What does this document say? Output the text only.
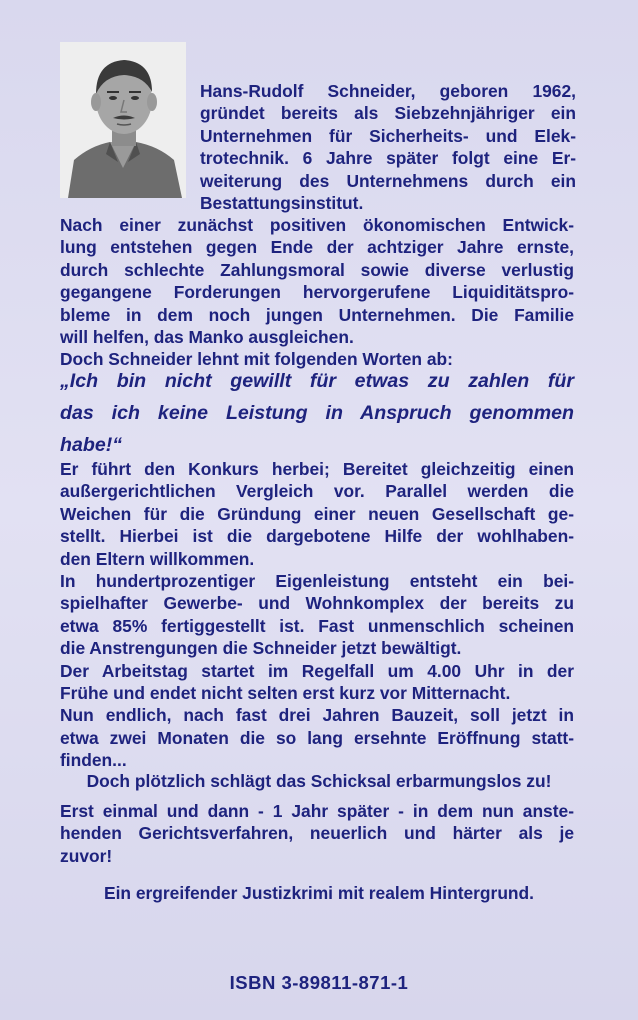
Hans-Rudolf Schneider, geboren 1962,
gründet bereits als Siebzehnjähriger ein
Unternehmen für Sicherheits- und Elek-
trotechnik. 6 Jahre später folgt eine Er-
weiterung des Unternehmens durch ein
Bestattungsinstitut.
Nach einer zunächst positiven ökonomischen Entwick-
lung entstehen gegen Ende der achtziger Jahre ernste,
durch schlechte Zahlungsmoral sowie diverse verlustig
gegangene Forderungen hervorgerufene Liquiditätspro-
bleme in dem noch jungen Unternehmen. Die Familie
will helfen, das Manko ausgleichen.
Doch Schneider lehnt mit folgenden Worten ab:
„Ich bin nicht gewillt für etwas zu zahlen für
das ich keine Leistung in Anspruch genommen
habe!“
Er führt den Konkurs herbei; Bereitet gleichzeitig einen
außergerichtlichen Vergleich vor. Parallel werden die
Weichen für die Gründung einer neuen Gesellschaft ge-
stellt. Hierbei ist die dargebotene Hilfe der wohlhaben-
den Eltern willkommen.
In hundertprozentiger Eigenleistung entsteht ein bei-
spielhafter Gewerbe- und Wohnkomplex der bereits zu
etwa 85% fertiggestellt ist. Fast unmenschlich scheinen
die Anstrengungen die Schneider jetzt bewältigt.
Der Arbeitstag startet im Regelfall um 4.00 Uhr in der
Frühe und endet nicht selten erst kurz vor Mitternacht.
Nun endlich, nach fast drei Jahren Bauzeit, soll jetzt in
etwa zwei Monaten die so lang ersehnte Eröffnung statt-
finden...
Doch plötzlich schlägt das Schicksal erbarmungslos zu!
Erst einmal und dann - 1 Jahr später - in dem nun anste-
henden Gerichtsverfahren, neuerlich und härter als je
zuvor!
Ein ergreifender Justizkrimi mit realem Hintergrund.
ISBN 3-89811-871-1
